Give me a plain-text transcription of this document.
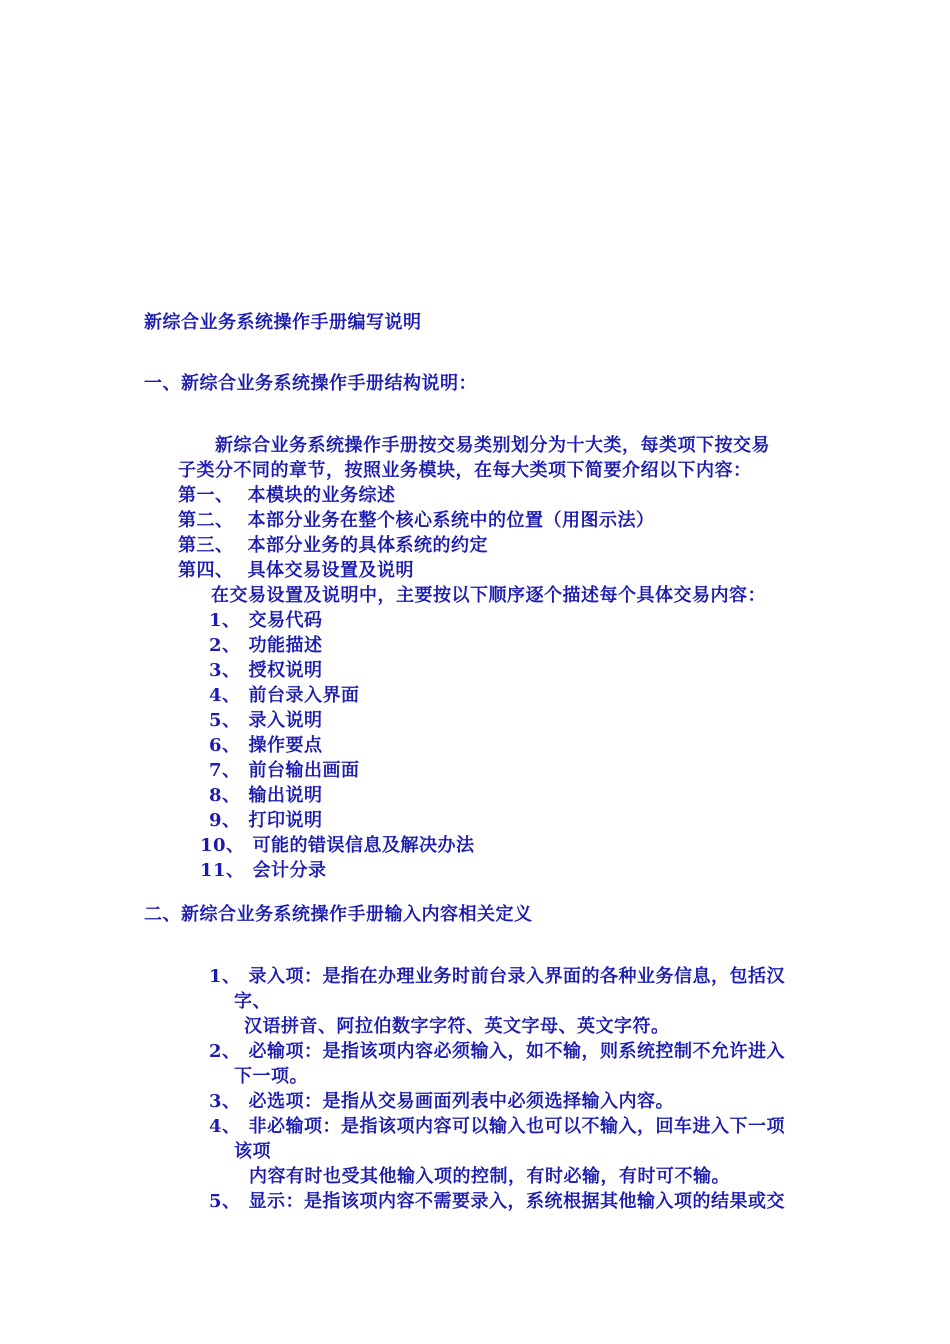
新综合业务系统操作手册编写说明
一、新综合业务系统操作手册结构说明：
新综合业务系统操作手册按交易类别划分为十大类，每类项下按交易
子类分不同的章节，按照业务模块，在每大类项下简要介绍以下内容：
第一、 本模块的业务综述
第二、 本部分业务在整个核心系统中的位置（用图示法）
第三、 本部分业务的具体系统的约定
第四、 具体交易设置及说明
在交易设置及说明中，主要按以下顺序逐个描述每个具体交易内容：
1、 交易代码
2、 功能描述
3、 授权说明
4、 前台录入界面
5、 录入说明
6、 操作要点
7、 前台输出画面
8、 输出说明
9、 打印说明
10、 可能的错误信息及解决办法
11、 会计分录
二、新综合业务系统操作手册输入内容相关定义
1、 录入项：是指在办理业务时前台录入界面的各种业务信息，包括汉
字、
汉语拼音、阿拉伯数字字符、英文字母、英文字符。
2、 必输项：是指该项内容必须输入，如不输，则系统控制不允许进入
下一项。
3、 必选项：是指从交易画面列表中必须选择输入内容。
4、 非必输项：是指该项内容可以输入也可以不输入，回车进入下一项
该项
内容有时也受其他输入项的控制，有时必输，有时可不输。
5、 显示：是指该项内容不需要录入，系统根据其他输入项的结果或交
